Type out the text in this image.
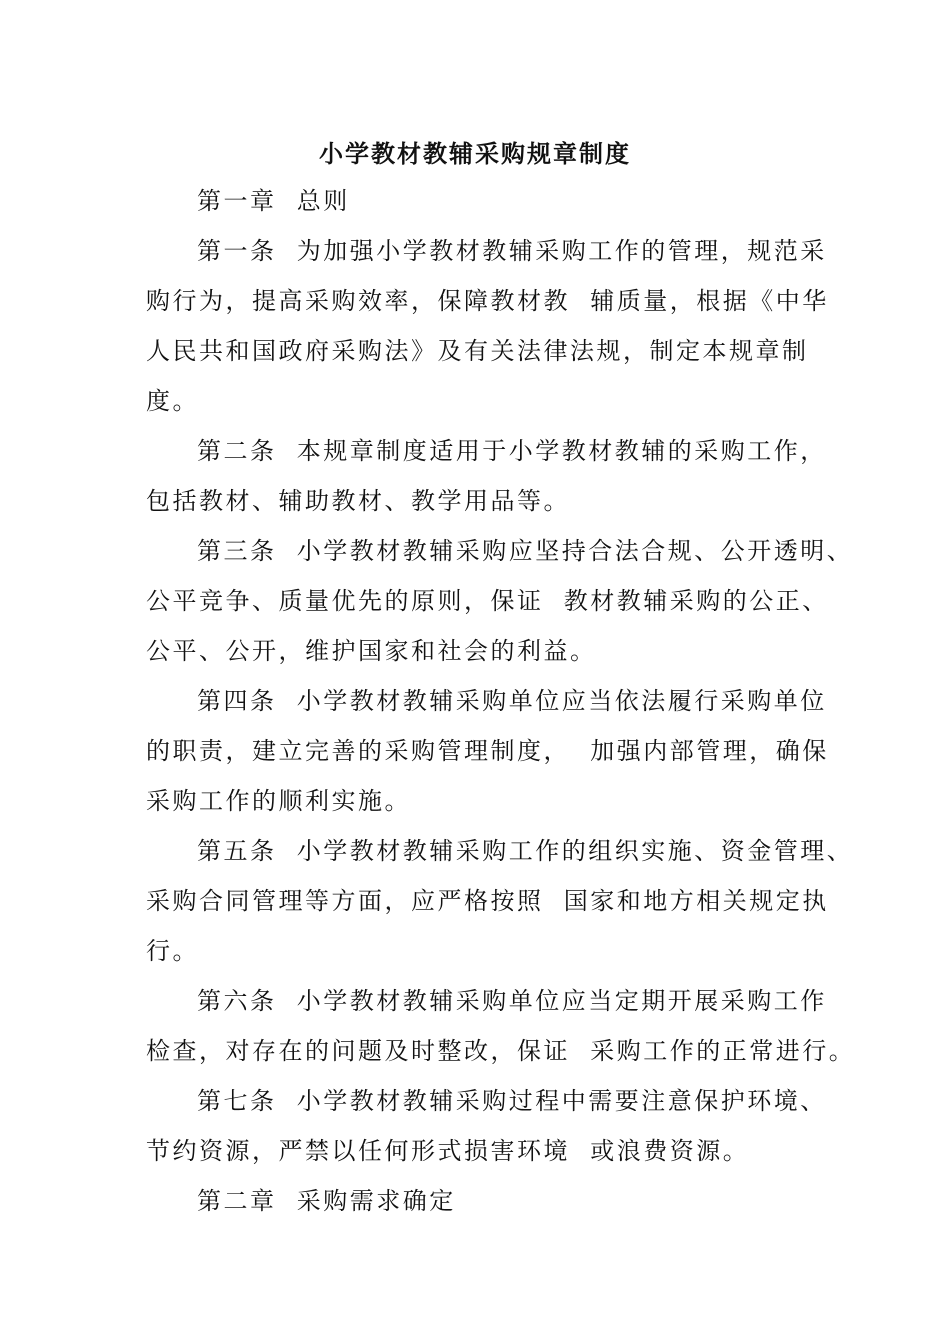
小学教材教辅采购规章制度
第一章  总则
第一条  为加强小学教材教辅采购工作的管理，规范采
购行为，提高采购效率，保障教材教  辅质量，根据《中华
人民共和国政府采购法》及有关法律法规，制定本规章制
度。
第二条  本规章制度适用于小学教材教辅的采购工作，
包括教材、辅助教材、教学用品等。
第三条  小学教材教辅采购应坚持合法合规、公开透明、
公平竞争、质量优先的原则，保证  教材教辅采购的公正、
公平、公开，维护国家和社会的利益。
第四条  小学教材教辅采购单位应当依法履行采购单位
的职责，建立完善的采购管理制度，  加强内部管理，确保
采购工作的顺利实施。
第五条  小学教材教辅采购工作的组织实施、资金管理、
采购合同管理等方面，应严格按照  国家和地方相关规定执
行。
第六条  小学教材教辅采购单位应当定期开展采购工作
检查，对存在的问题及时整改，保证  采购工作的正常进行。
第七条  小学教材教辅采购过程中需要注意保护环境、
节约资源，严禁以任何形式损害环境  或浪费资源。
第二章  采购需求确定
